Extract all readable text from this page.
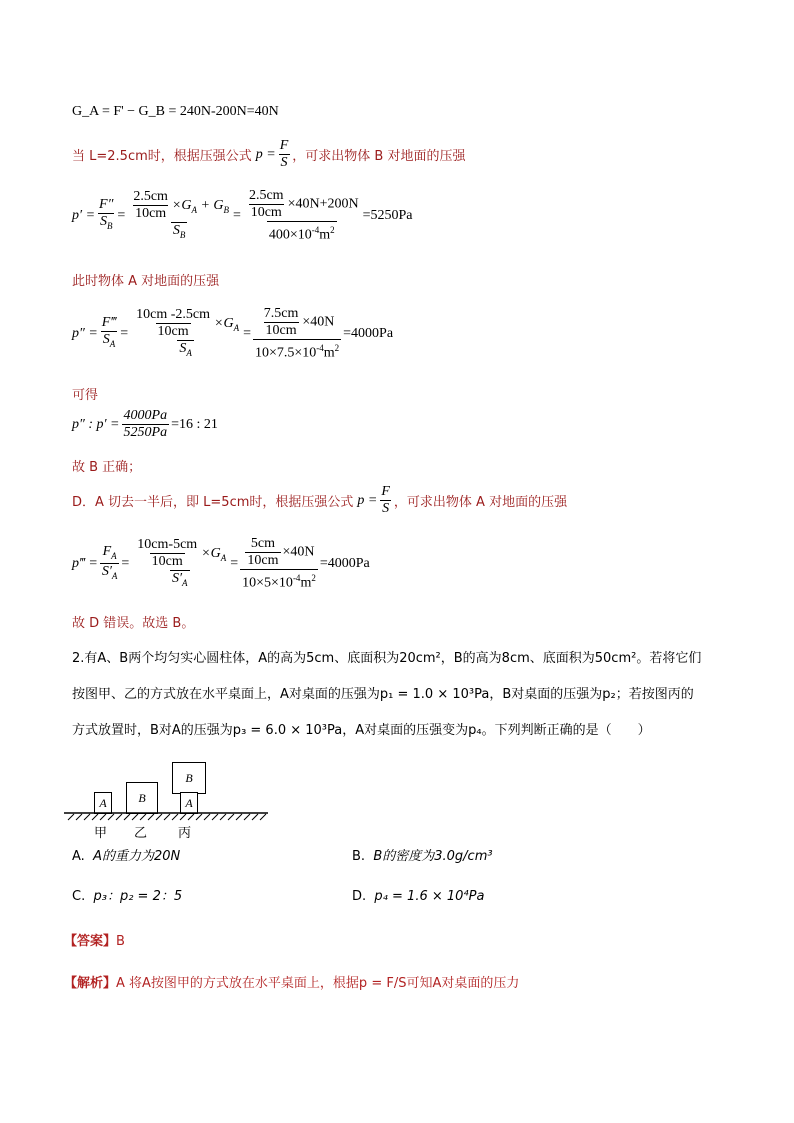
G_A = F' − G_B = 240N-200N=40N
当 L=2.5cm时，根据压强公式 $p = \frac{F}{S}$ ，可求出物体 B 对地面的压强
$p' = \frac{F''}{S_B} = \frac{\frac{2.5cm}{10cm} \times G_A + G_B}{S_B} = \frac{\frac{2.5cm}{10cm} \times 40N+200N}{400\times 10^{-4}m^2} =5250Pa$
此时物体 A 对地面的压强
$p'' = \frac{F‴}{S_A} = \frac{\frac{10cm -2.5cm}{10cm} \times G_A}{S_A} = \frac{\frac{7.5cm}{10cm} \times 40N}{10\times 7.5\times 10^{-4}m^2} =4000Pa$
可得
p″ : $p' = \frac{4000Pa}{5250Pa} =16$ : 21
故 B 正确；
D．A 切去一半后，即 L=5cm时，根据压强公式 $p = \frac{F}{S}$ ，可求出物体 A 对地面的压强
p‴ = $\frac{F_A}{S'_A} = \frac{\frac{10cm-5cm}{10cm} \times G_A}{S'_A} = \frac{\frac{5cm}{10cm} \times 40N}{10\times 5\times 10^{-4}m^2} =4000Pa$
故 D 错误。故选 B。
2.有A、B两个均匀实心圆柱体，A的高为5cm、底面积为20cm²，B的高为8cm、底面积为50cm²。若将它们
按图甲、乙的方式放在水平桌面上，A对桌面的压强为p₁ = 1.0 × 10³Pa，B对桌面的压强为p₂；若按图丙的
方式放置时，B对A的压强为p₃ = 6.0 × 10³Pa，A对桌面的压强变为p₄。下列判断正确的是（　　）
A	B
B
A
甲 乙 丙
A. A的重力为20N	B. B的密度为3.0g/cm³
C. p₃：p₂ = 2：5	D. p₄ = 1.6 × 10⁴Pa
【答案】B
【解析】A 将A按图甲的方式放在水平桌面上，根据p = F/S可知A对桌面的压力
